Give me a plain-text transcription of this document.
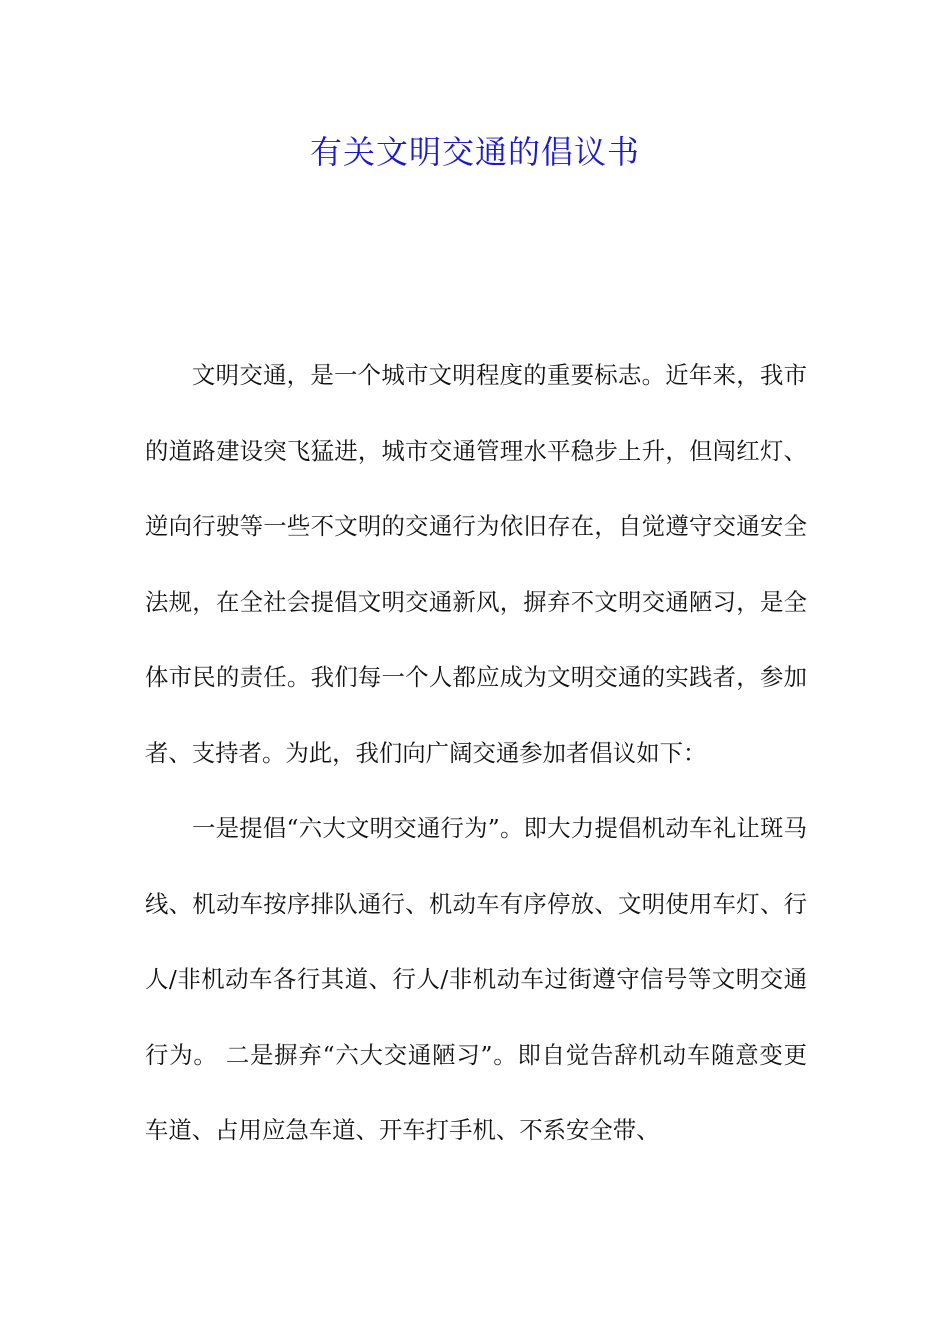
有关文明交通的倡议书

文明交通，是一个城市文明程度的重要标志。近年来，我市的道路建设突飞猛进，城市交通管理水平稳步上升，但闯红灯、逆向行驶等一些不文明的交通行为依旧存在，自觉遵守交通安全法规，在全社会提倡文明交通新风，摒弃不文明交通陋习，是全体市民的责任。我们每一个人都应成为文明交通的实践者，参加者、支持者。为此，我们向广阔交通参加者倡议如下：

一是提倡“六大文明交通行为”。即大力提倡机动车礼让斑马线、机动车按序排队通行、机动车有序停放、文明使用车灯、行人/非机动车各行其道、行人/非机动车过街遵守信号等文明交通行为。 二是摒弃“六大交通陋习”。即自觉告辞机动车随意变更车道、占用应急车道、开车打手机、不系安全带、
